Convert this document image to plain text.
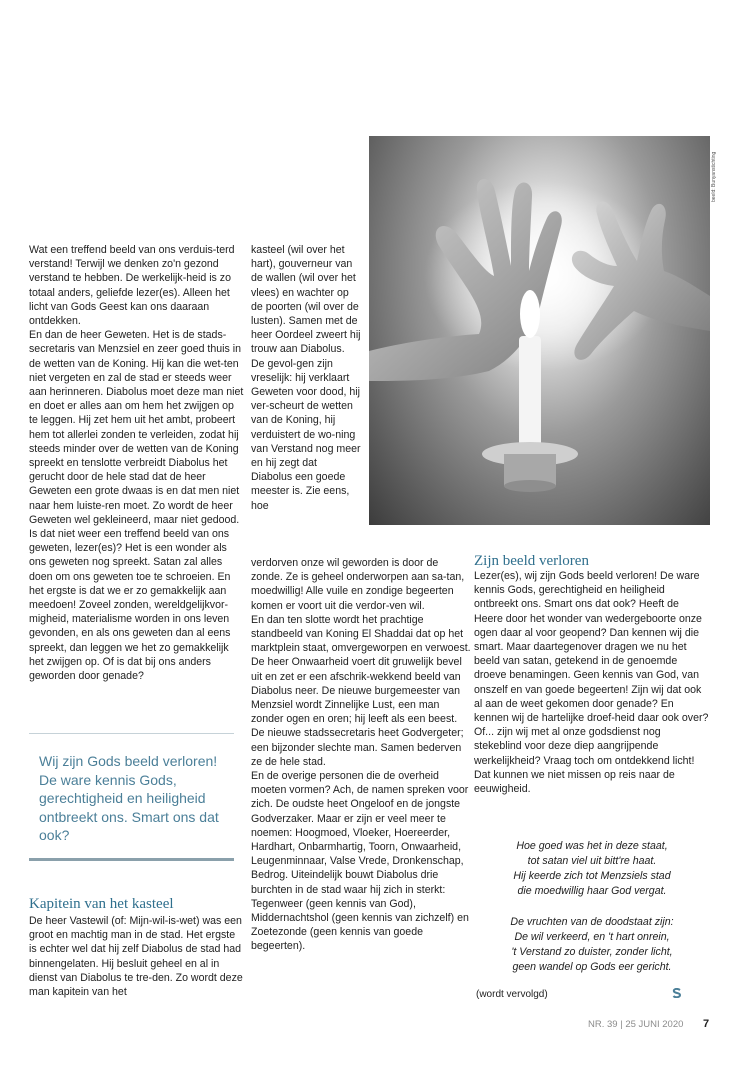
Wat een treffend beeld van ons verduis-terd verstand! Terwijl we denken zo'n gezond verstand te hebben. De werkelijk-heid is zo totaal anders, geliefde lezer(es). Alleen het licht van Gods Geest kan ons daaraan ontdekken.

En dan de heer Geweten. Het is de stads-secretaris van Menzsiel en zeer goed thuis in de wetten van de Koning. Hij kan die wet-ten niet vergeten en zal de stad er steeds weer aan herinneren. Diabolus moet deze man niet en doet er alles aan om hem het zwijgen op te leggen. Hij zet hem uit het ambt, probeert hem tot allerlei zonden te verleiden, zodat hij steeds minder over de wetten van de Koning spreekt en tenslotte verbreidt Diabolus het gerucht door de hele stad dat de heer Geweten een grote dwaas is en dat men niet naar hem luiste-ren moet. Zo wordt de heer Geweten wel gekleineerd, maar niet gedood.

Is dat niet weer een treffend beeld van ons geweten, lezer(es)? Het is een wonder als ons geweten nog spreekt. Satan zal alles doen om ons geweten toe te schroeien. En het ergste is dat we er zo gemakkelijk aan meedoen! Zoveel zonden, wereldgelijkvor-migheid, materialisme worden in ons leven gevonden, en als ons geweten dan al eens spreekt, dan leggen we het zo gemakkelijk het zwijgen op. Of is dat bij ons anders geworden door genade?

Wij zijn Gods beeld verloren! De ware kennis Gods, gerechtigheid en heiligheid ontbreekt ons. Smart ons dat ook?
Kapitein van het kasteel
De heer Vastewil (of: Mijn-wil-is-wet) was een groot en machtig man in de stad. Het ergste is echter wel dat hij zelf Diabolus de stad had binnengelaten. Hij besluit geheel en al in dienst van Diabolus te tre-den. Zo wordt deze man kapitein van het
kasteel (wil over het hart), gouverneur van de wallen (wil over het vlees) en wachter op de poorten (wil over de lusten). Samen met de heer Oordeel zweert hij trouw aan Diabolus. De gevol-gen zijn vreselijk: hij verklaart Geweten voor dood, hij ver-scheurt de wetten van de Koning, hij verduistert de wo-ning van Verstand nog meer en hij zegt dat Diabolus een goede meester is. Zie eens, hoe

verdorven onze wil geworden is door de zonde. Ze is geheel onderworpen aan sa-tan, moedwillig! Alle vuile en zondige begeerten komen er voort uit die verdor-ven wil.

En dan ten slotte wordt het prachtige standbeeld van Koning El Shaddai dat op het marktplein staat, omvergeworpen en verwoest. De heer Onwaarheid voert dit gruwelijk bevel uit en zet er een afschrik-wekkend beeld van Diabolus neer. De nieuwe burgemeester van Menzsiel wordt Zinnelijke Lust, een man zonder ogen en oren; hij leeft als een beest. De nieuwe stadssecretaris heet Godvergeter; een bijzonder slechte man. Samen bederven ze de hele stad.

En de overige personen die de overheid moeten vormen? Ach, de namen spreken voor zich. De oudste heet Ongeloof en de jongste Godverzaker. Maar er zijn er veel meer te noemen: Hoogmoed, Vloeker, Hoereerder, Hardhart, Onbarmhartig, Toorn, Onwaarheid, Leugenminnaar, Valse Vrede, Dronkenschap, Bedrog. Uiteindelijk bouwt Diabolus drie burchten in de stad waar hij zich in sterkt: Tegenweer (geen kennis van God), Middernachtshol (geen kennis van zichzelf) en Zoetezonde (geen kennis van goede begeerten).

beeld: Bunyanstichting
Zijn beeld verloren
Lezer(es), wij zijn Gods beeld verloren! De ware kennis Gods, gerechtigheid en heiligheid ontbreekt ons. Smart ons dat ook? Heeft de Heere door het wonder van wedergeboorte onze ogen daar al voor geopend? Dan kennen wij die smart. Maar daartegenover dragen we nu het beeld van satan, getekend in de genoemde droeve benamingen. Geen kennis van God, van onszelf en van goede begeerten! Zijn wij dat ook al aan de weet gekomen door genade? En kennen wij de hartelijke droef-heid daar ook over? Of... zijn wij met al onze godsdienst nog stekeblind voor deze diep aangrijpende werkelijkheid? Vraag toch om ontdekkend licht! Dat kunnen we niet missen op reis naar de eeuwigheid.
Hoe goed was het in deze staat,
tot satan viel uit bitt're haat.
Hij keerde zich tot Menzsiels stad
die moedwillig haar God vergat.
De vruchten van de doodstaat zijn:
De wil verkeerd, en 't hart onrein,
't Verstand zo duister, zonder licht,
geen wandel op Gods eer gericht.
(wordt vervolgd)
NR. 39 | 25 JUNI 2020 7
